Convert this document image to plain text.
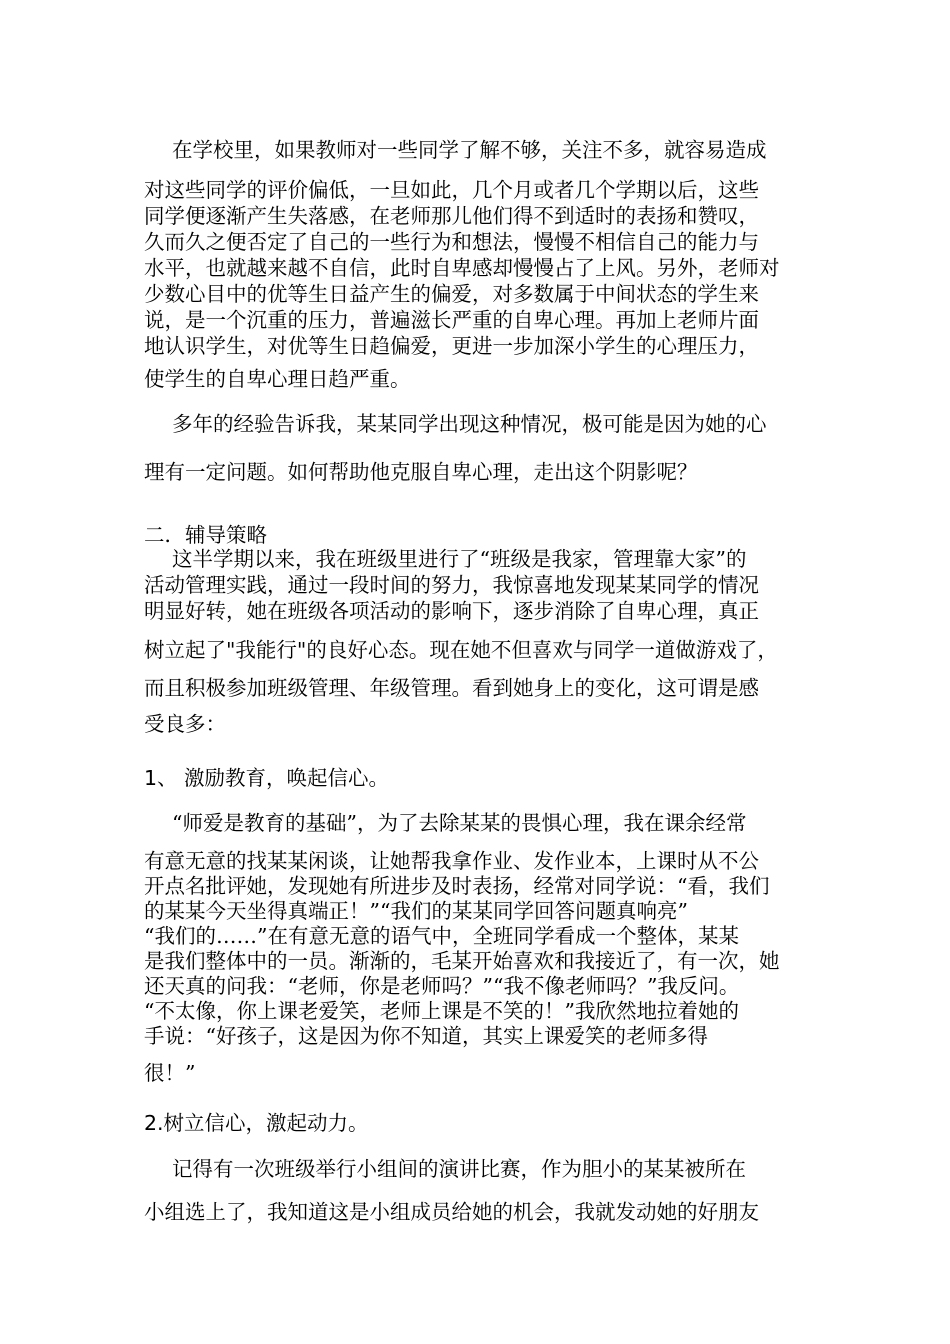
在学校里，如果教师对一些同学了解不够，关注不多，就容易造成
对这些同学的评价偏低，一旦如此，几个月或者几个学期以后，这些
同学便逐渐产生失落感，在老师那儿他们得不到适时的表扬和赞叹，
久而久之便否定了自己的一些行为和想法，慢慢不相信自己的能力与
水平，也就越来越不自信，此时自卑感却慢慢占了上风。另外，老师对
少数心目中的优等生日益产生的偏爱，对多数属于中间状态的学生来
说，是一个沉重的压力，普遍滋长严重的自卑心理。再加上老师片面
地认识学生，对优等生日趋偏爱，更进一步加深小学生的心理压力，
使学生的自卑心理日趋严重。
多年的经验告诉我，某某同学出现这种情况，极可能是因为她的心
理有一定问题。如何帮助他克服自卑心理，走出这个阴影呢？
二．辅导策略
这半学期以来，我在班级里进行了“班级是我家，管理靠大家”的
活动管理实践，通过一段时间的努力，我惊喜地发现某某同学的情况
明显好转，她在班级各项活动的影响下，逐步消除了自卑心理，真正
树立起了"我能行"的良好心态。现在她不但喜欢与同学一道做游戏了，
而且积极参加班级管理、年级管理。看到她身上的变化，这可谓是感
受良多：
1、 激励教育，唤起信心。
“师爱是教育的基础”，为了去除某某的畏惧心理，我在课余经常
有意无意的找某某闲谈，让她帮我拿作业、发作业本，上课时从不公
开点名批评她，发现她有所进步及时表扬，经常对同学说：“看，我们
的某某今天坐得真端正！”“我们的某某同学回答问题真响亮”
“我们的……”在有意无意的语气中，全班同学看成一个整体，某某
是我们整体中的一员。渐渐的，毛某开始喜欢和我接近了，有一次，她
还天真的问我：“老师，你是老师吗？”“我不像老师吗？”我反问。
“不太像，你上课老爱笑，老师上课是不笑的！”我欣然地拉着她的
手说：“好孩子，这是因为你不知道，其实上课爱笑的老师多得
很！”
2.树立信心，激起动力。
记得有一次班级举行小组间的演讲比赛，作为胆小的某某被所在
小组选上了，我知道这是小组成员给她的机会，我就发动她的好朋友
